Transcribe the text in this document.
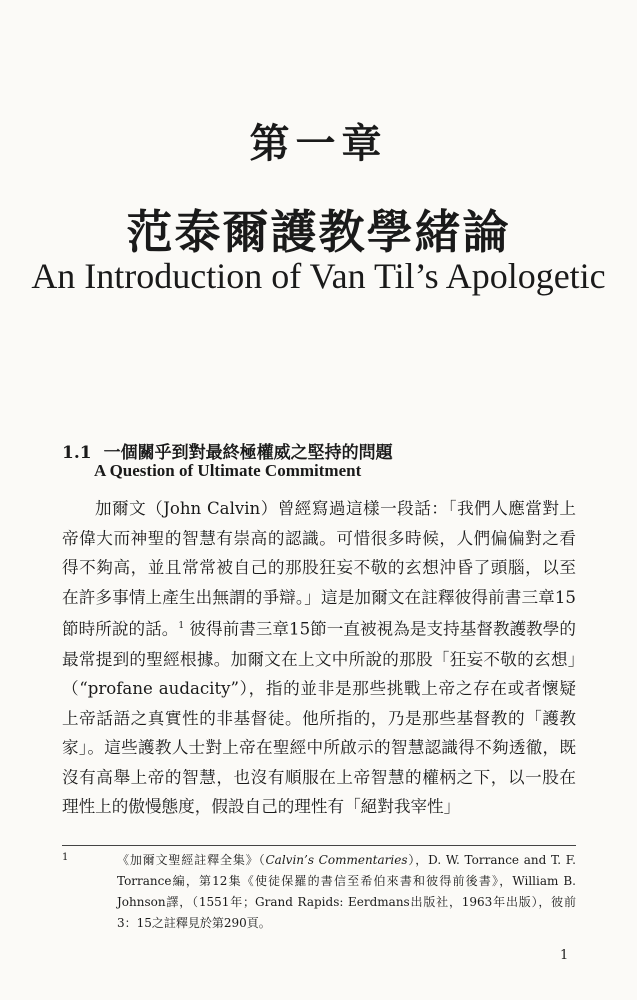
第一章
范泰爾護教學緒論
An Introduction of Van Til’s Apologetic
1.1 一個關乎到對最終極權威之堅持的問題
A Question of Ultimate Commitment
加爾文（John Calvin）曾經寫過這樣一段話：「我們人應當對上帝偉大而神聖的智慧有崇高的認識。可惜很多時候，人們偏偏對之看得不夠高，並且常常被自己的那股狂妄不敬的玄想沖昏了頭腦，以至在許多事情上產生出無謂的爭辯。」這是加爾文在註釋彼得前書三章15節時所說的話。$^1$ 彼得前書三章15節一直被視為是支持基督教護教學的最常提到的聖經根據。加爾文在上文中所說的那股「狂妄不敬的玄想」（“profane audacity”），指的並非是那些挑戰上帝之存在或者懷疑上帝話語之真實性的非基督徒。他所指的，乃是那些基督教的「護教家」。這些護教人士對上帝在聖經中所啟示的智慧認識得不夠透徹，既沒有高舉上帝的智慧，也沒有順服在上帝智慧的權柄之下，以一股在理性上的傲慢態度，假設自己的理性有「絕對我宰性」
1	《加爾文聖經註釋全集》（Calvin’s Commentaries），D. W. Torrance and T. F. Torrance編，第12集《使徒保羅的書信至希伯來書和彼得前後書》，William B. Johnson譯，（1551年；Grand Rapids: Eerdmans出版社，1963年出版），彼前3：15之註釋見於第290頁。
1
